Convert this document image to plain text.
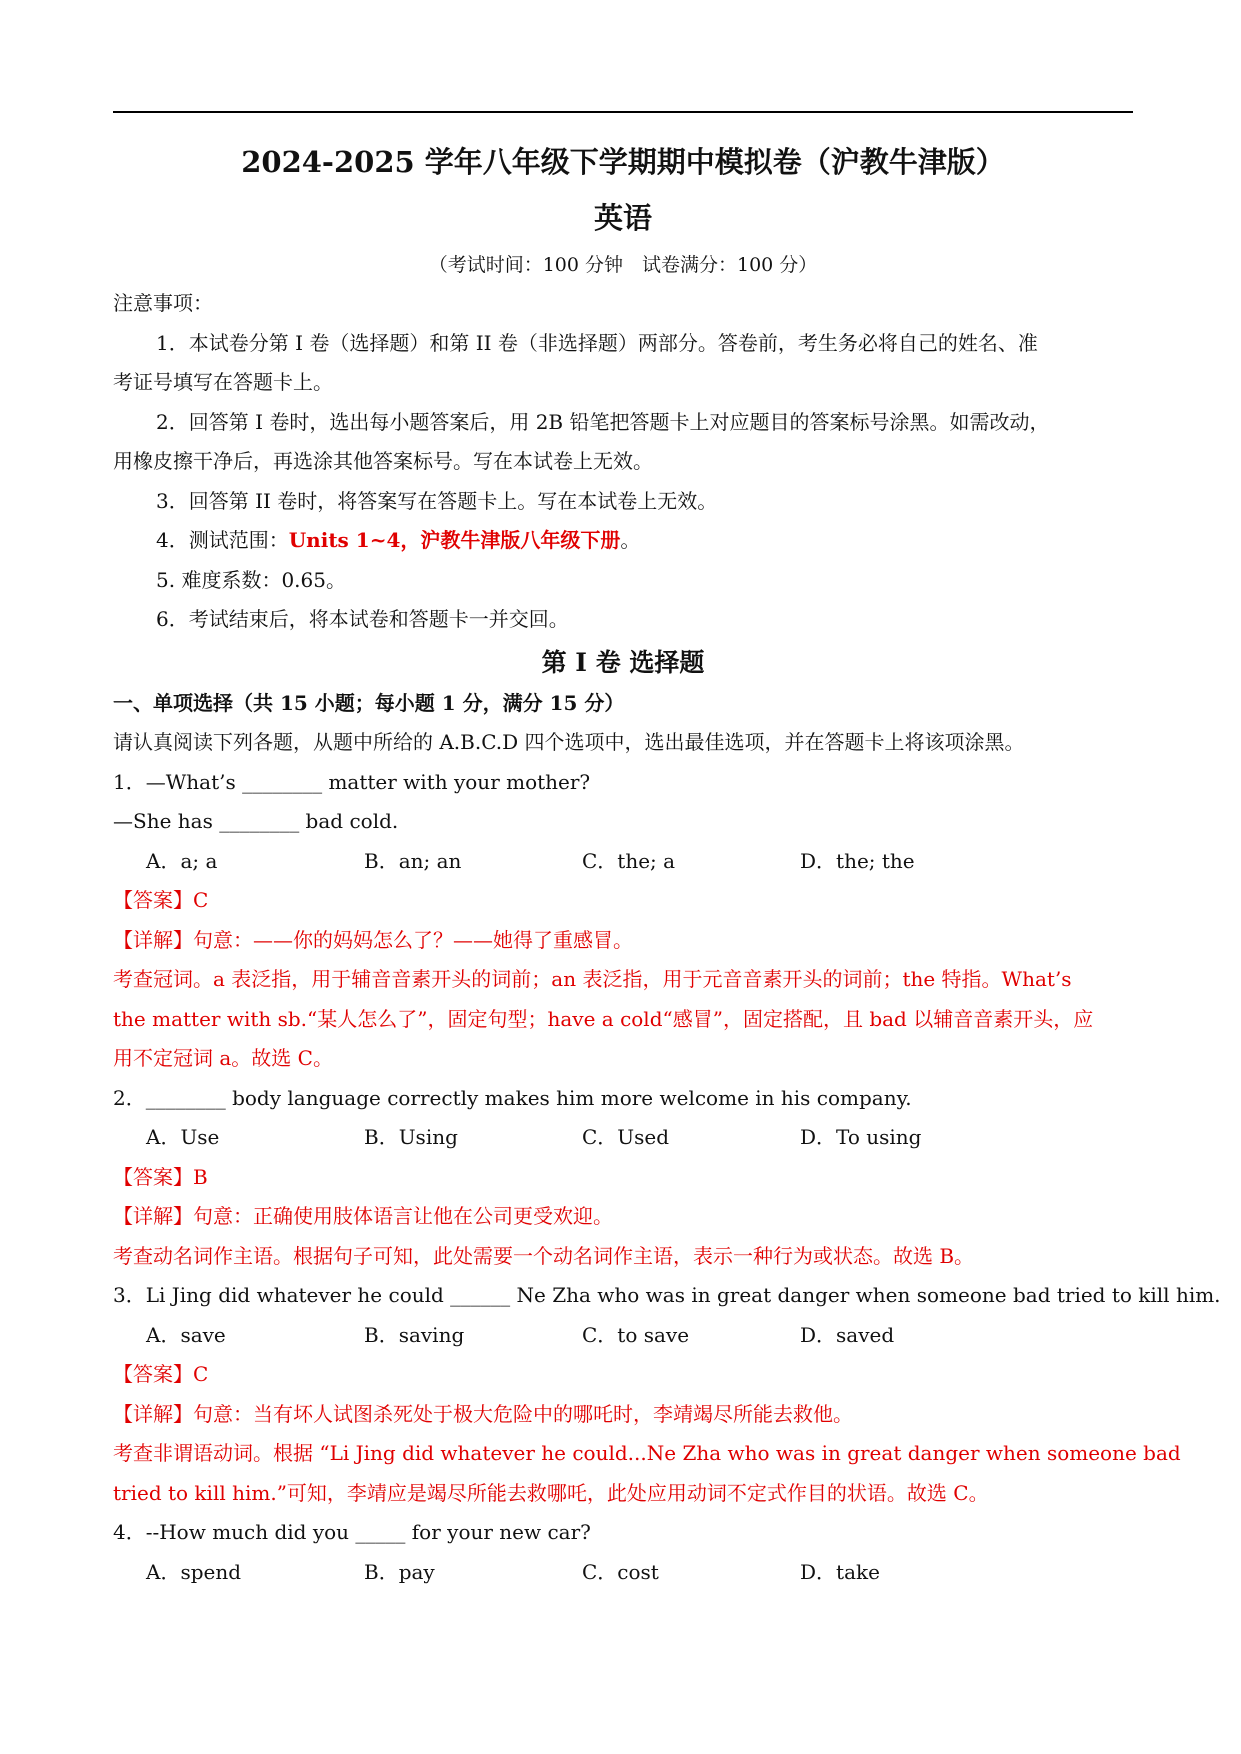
2024-2025 学年八年级下学期期中模拟卷（沪教牛津版）
英语
（考试时间：100 分钟　试卷满分：100 分）
注意事项：
1．本试卷分第 I 卷（选择题）和第 II 卷（非选择题）两部分。答卷前，考生务必将自己的姓名、准
考证号填写在答题卡上。
2．回答第 I 卷时，选出每小题答案后，用 2B 铅笔把答题卡上对应题目的答案标号涂黑。如需改动，
用橡皮擦干净后，再选涂其他答案标号。写在本试卷上无效。
3．回答第 II 卷时，将答案写在答题卡上。写在本试卷上无效。
4．测试范围：Units 1~4，沪教牛津版八年级下册。
5. 难度系数：0.65。
6．考试结束后，将本试卷和答题卡一并交回。
第 I 卷 选择题
一、单项选择（共 15 小题；每小题 1 分，满分 15 分）
请认真阅读下列各题，从题中所给的 A.B.C.D 四个选项中，选出最佳选项，并在答题卡上将该项涂黑。
1．—What’s ________ matter with your mother?
—She has ________ bad cold.
A．a; a	B．an; an	C．the; a	D．the; the
【答案】C
【详解】句意：——你的妈妈怎么了？——她得了重感冒。
考查冠词。a 表泛指，用于辅音音素开头的词前；an 表泛指，用于元音音素开头的词前；the 特指。What’s
the matter with sb.“某人怎么了”，固定句型；have a cold“感冒”，固定搭配，且 bad 以辅音音素开头，应
用不定冠词 a。故选 C。
2．________ body language correctly makes him more welcome in his company.
A．Use	B．Using	C．Used	D．To using
【答案】B
【详解】句意：正确使用肢体语言让他在公司更受欢迎。
考查动名词作主语。根据句子可知，此处需要一个动名词作主语，表示一种行为或状态。故选 B。
3．Li Jing did whatever he could ______ Ne Zha who was in great danger when someone bad tried to kill him.
A．save	B．saving	C．to save	D．saved
【答案】C
【详解】句意：当有坏人试图杀死处于极大危险中的哪吒时，李靖竭尽所能去救他。
考查非谓语动词。根据 “Li Jing did whatever he could...Ne Zha who was in great danger when someone bad
tried to kill him.”可知，李靖应是竭尽所能去救哪吒，此处应用动词不定式作目的状语。故选 C。
4．--How much did you _____ for your new car?
A．spend	B．pay	C．cost	D．take
